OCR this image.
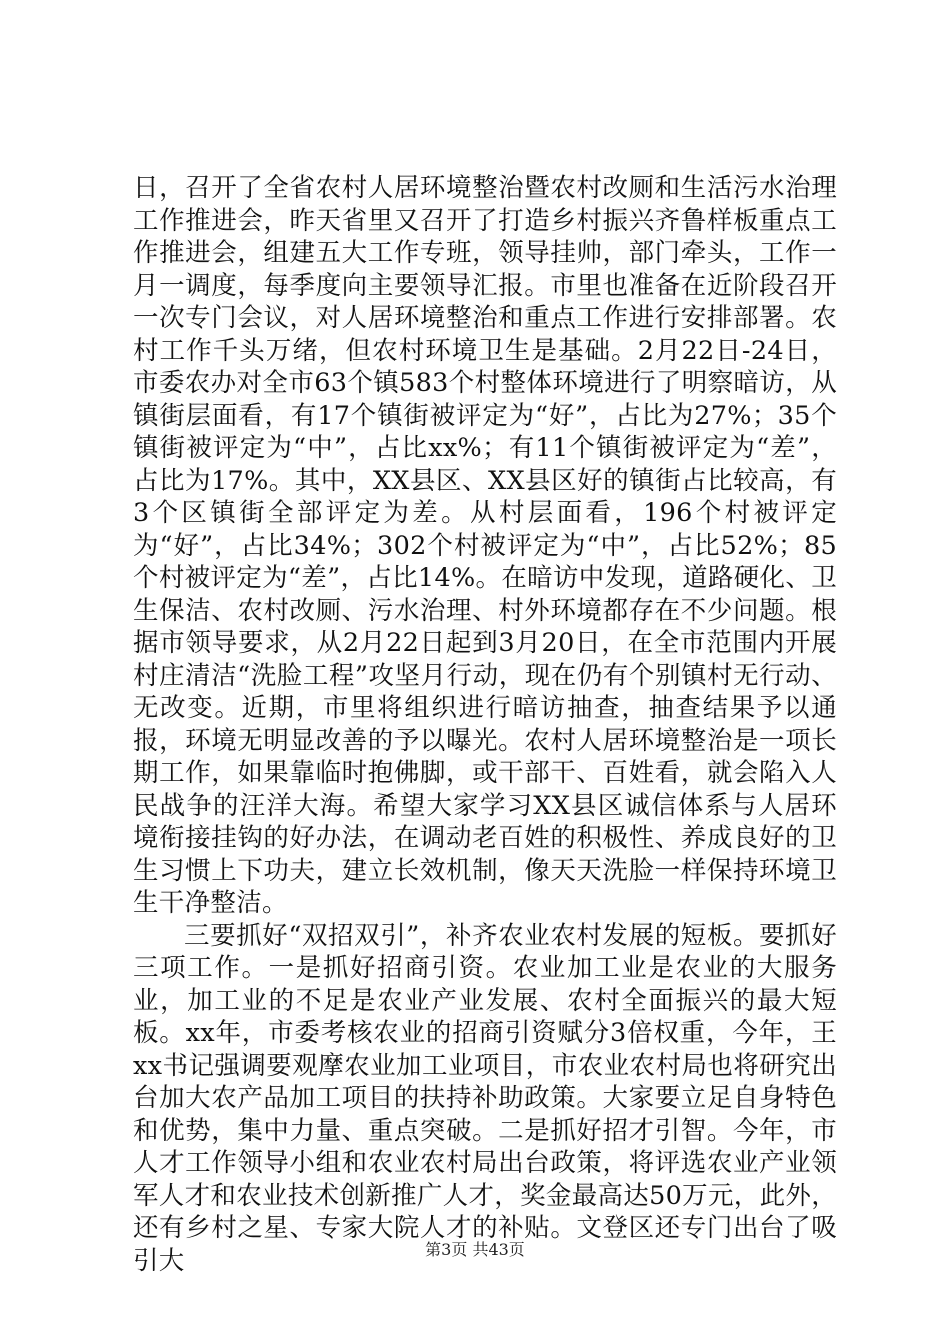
日，召开了全省农村人居环境整治暨农村改厕和生活污水治理工作推进会，昨天省里又召开了打造乡村振兴齐鲁样板重点工作推进会，组建五大工作专班，领导挂帅，部门牵头，工作一月一调度，每季度向主要领导汇报。市里也准备在近阶段召开一次专门会议，对人居环境整治和重点工作进行安排部署。农村工作千头万绪，但农村环境卫生是基础。2月22日-24日，市委农办对全市63个镇583个村整体环境进行了明察暗访，从镇街层面看，有17个镇街被评定为“好”，占比为27%；35个镇街被评定为“中”，占比xx%；有11个镇街被评定为“差”，占比为17%。其中，XX县区、XX县区好的镇街占比较高，有3个区镇街全部评定为差。从村层面看，196个村被评定为“好”，占比34%；302个村被评定为“中”，占比52%；85个村被评定为“差”，占比14%。在暗访中发现，道路硬化、卫生保洁、农村改厕、污水治理、村外环境都存在不少问题。根据市领导要求，从2月22日起到3月20日，在全市范围内开展村庄清洁“洗脸工程”攻坚月行动，现在仍有个别镇村无行动、无改变。近期，市里将组织进行暗访抽查，抽查结果予以通报，环境无明显改善的予以曝光。农村人居环境整治是一项长期工作，如果靠临时抱佛脚，或干部干、百姓看，就会陷入人民战争的汪洋大海。希望大家学习XX县区诚信体系与人居环境衔接挂钩的好办法，在调动老百姓的积极性、养成良好的卫生习惯上下功夫，建立长效机制，像天天洗脸一样保持环境卫生干净整洁。

三要抓好“双招双引”，补齐农业农村发展的短板。要抓好三项工作。一是抓好招商引资。农业加工业是农业的大服务业，加工业的不足是农业产业发展、农村全面振兴的最大短板。xx年，市委考核农业的招商引资赋分3倍权重，今年，王xx书记强调要观摩农业加工业项目，市农业农村局也将研究出台加大农产品加工项目的扶持补助政策。大家要立足自身特色和优势，集中力量、重点突破。二是抓好招才引智。今年，市人才工作领导小组和农业农村局出台政策，将评选农业产业领军人才和农业技术创新推广人才，奖金最高达50万元，此外，还有乡村之星、专家大院人才的补贴。文登区还专门出台了吸引大	第3页 共43页
